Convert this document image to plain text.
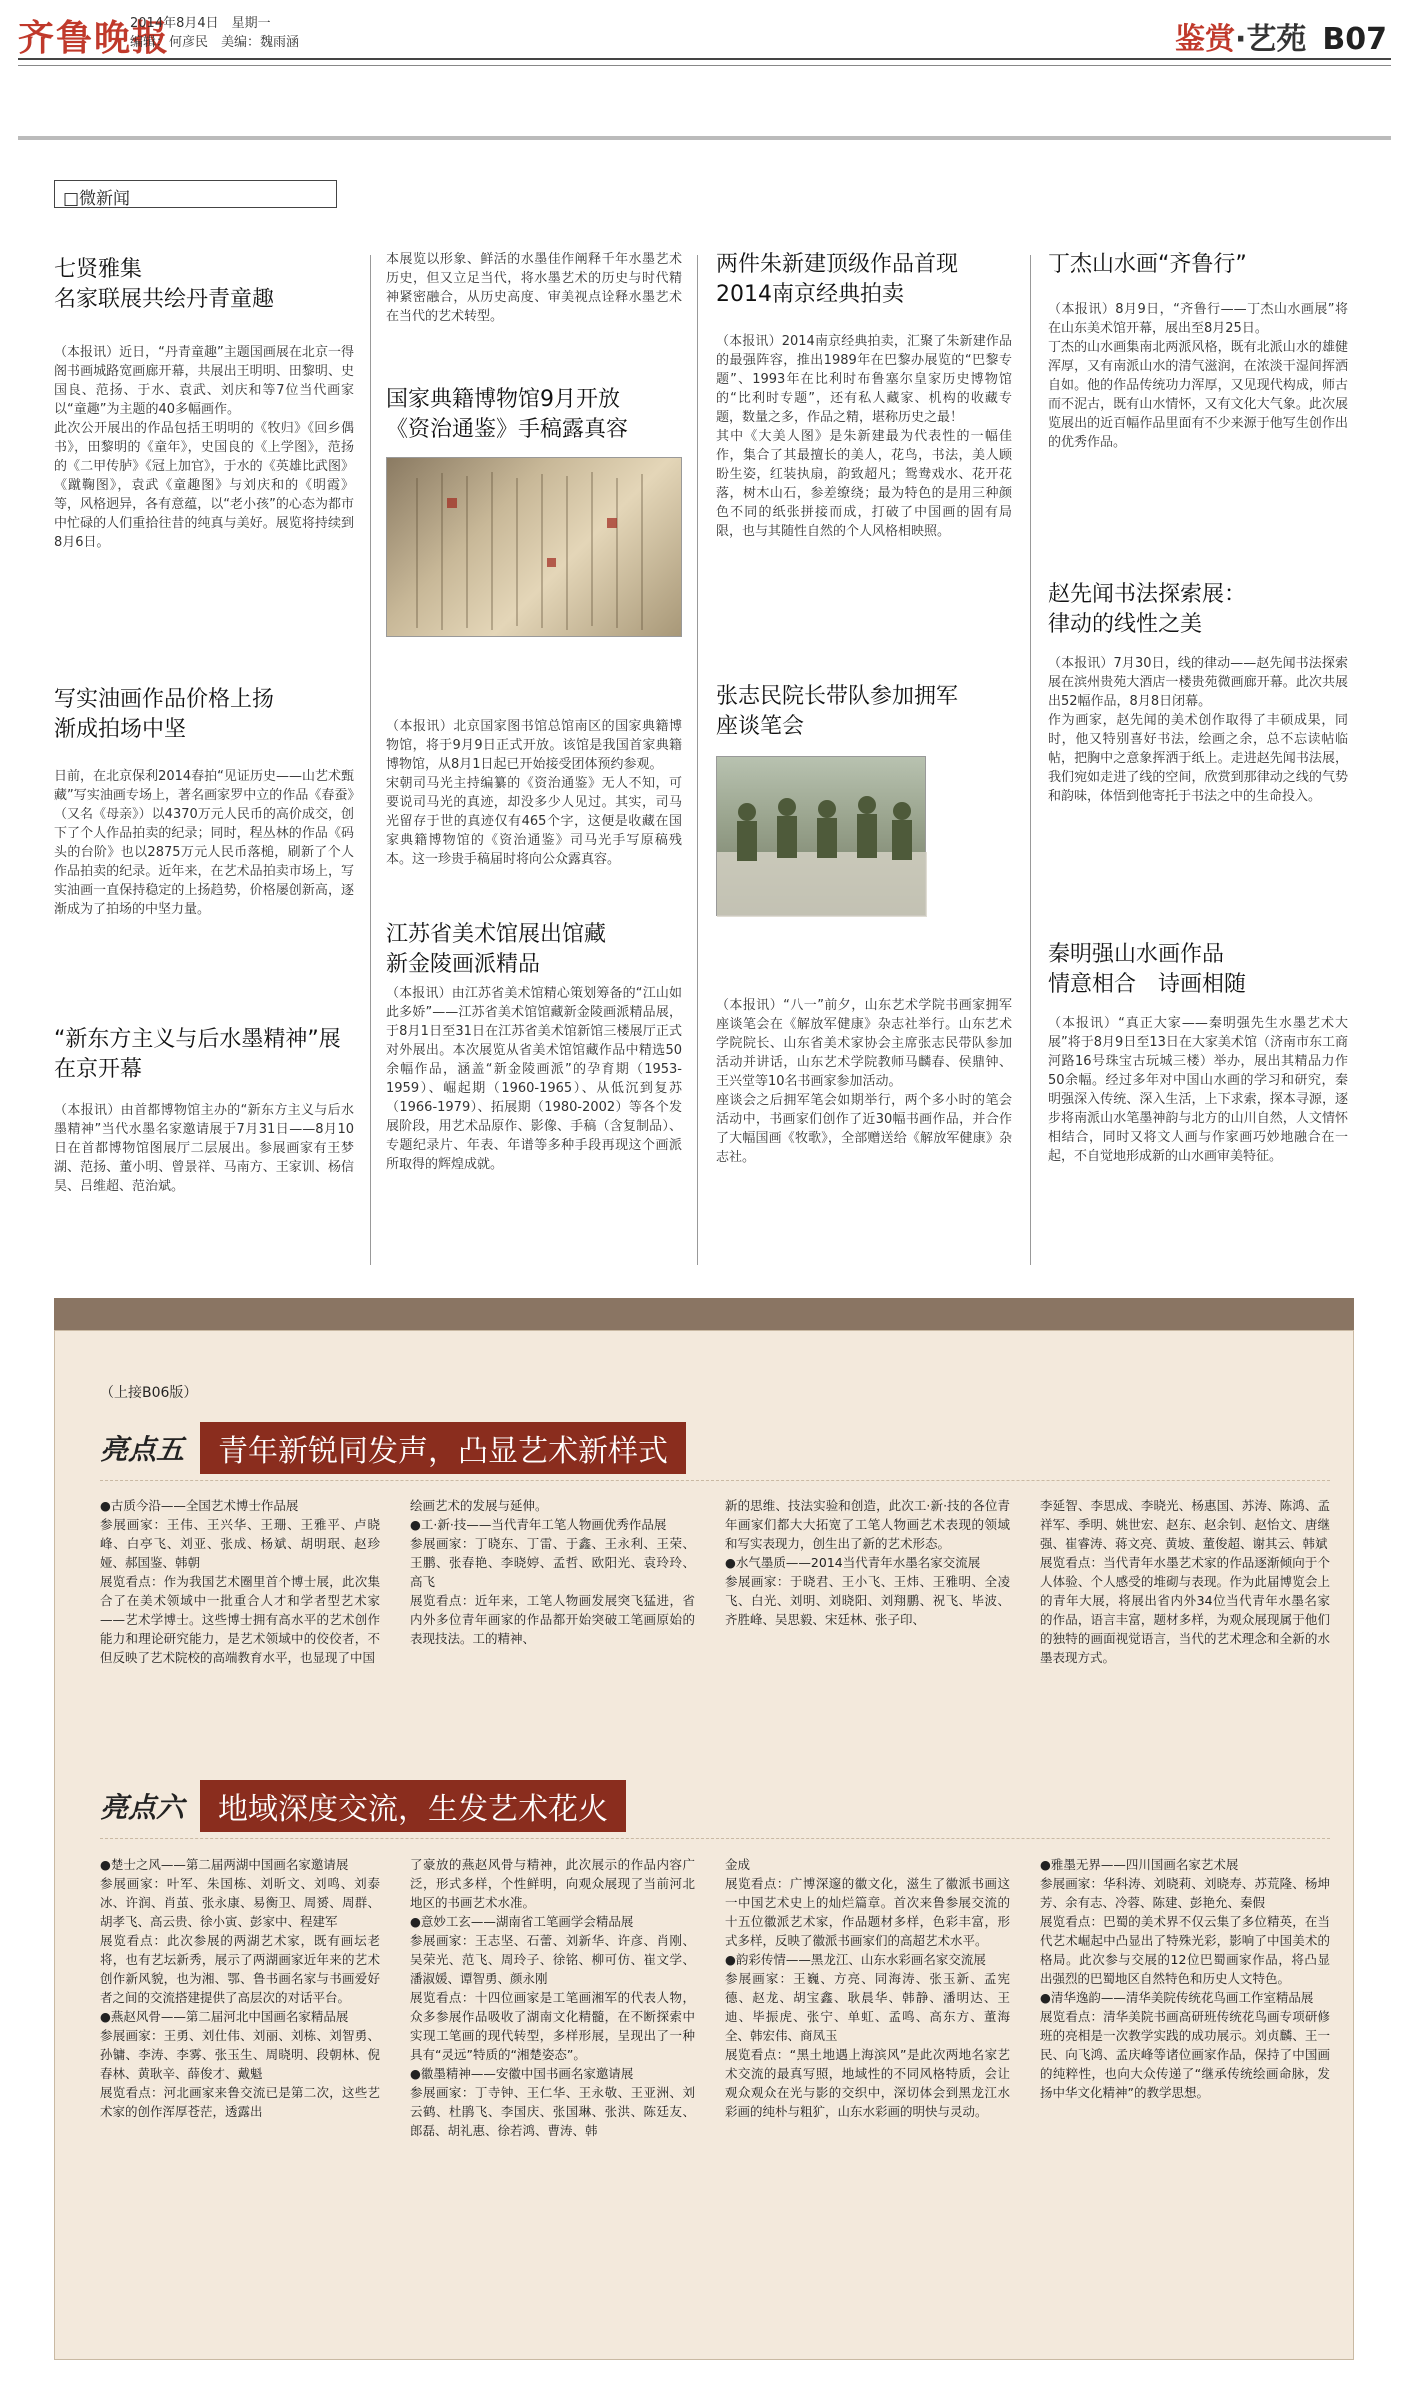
齐鲁晚报
2014年8月4日　星期一
编辑：何彦民　美编：魏雨涵	鉴赏·艺苑 B07
□微新闻
七贤雅集
名家联展共绘丹青童趣

（本报讯）近日，“丹青童趣”主题国画展在北京一得阁书画城路宽画廊开幕，共展出王明明、田黎明、史国良、范扬、于水、袁武、刘庆和等7位当代画家以“童趣”为主题的40多幅画作。
此次公开展出的作品包括王明明的《牧归》《回乡偶书》，田黎明的《童年》，史国良的《上学图》，范扬的《二甲传胪》《冠上加官》，于水的《英雄比武图》《蹴鞠图》，袁武《童趣图》与刘庆和的《明霞》等，风格迥异，各有意蕴，以“老小孩”的心态为都市中忙碌的人们重拾往昔的纯真与美好。展览将持续到8月6日。

写实油画作品价格上扬
渐成拍场中坚

日前，在北京保利2014春拍“见证历史——山艺术甄藏”写实油画专场上，著名画家罗中立的作品《春蚕》（又名《母亲》）以4370万元人民币的高价成交，创下了个人作品拍卖的纪录；同时，程丛林的作品《码头的台阶》也以2875万元人民币落槌，刷新了个人作品拍卖的纪录。近年来，在艺术品拍卖市场上，写实油画一直保持稳定的上扬趋势，价格屡创新高，逐渐成为了拍场的中坚力量。

“新东方主义与后水墨精神”展在京开幕

（本报讯）由首都博物馆主办的“新东方主义与后水墨精神”当代水墨名家邀请展于7月31日——8月10日在首都博物馆图展厅二层展出。参展画家有王梦湖、范扬、董小明、曾景祥、马南方、王家训、杨信昊、吕维超、范治斌。

本展览以形象、鲜活的水墨佳作阐释千年水墨艺术历史，但又立足当代，将水墨艺术的历史与时代精神紧密融合，从历史高度、审美视点诠释水墨艺术在当代的艺术转型。

国家典籍博物馆9月开放
《资治通鉴》手稿露真容

（本报讯）北京国家图书馆总馆南区的国家典籍博物馆，将于9月9日正式开放。该馆是我国首家典籍博物馆，从8月1日起已开始接受团体预约参观。
宋朝司马光主持编纂的《资治通鉴》无人不知，可要说司马光的真迹，却没多少人见过。其实，司马光留存于世的真迹仅有465个字，这便是收藏在国家典籍博物馆的《资治通鉴》司马光手写原稿残本。这一珍贵手稿届时将向公众露真容。

江苏省美术馆展出馆藏
新金陵画派精品

（本报讯）由江苏省美术馆精心策划筹备的“江山如此多娇”——江苏省美术馆馆藏新金陵画派精品展，于8月1日至31日在江苏省美术馆新馆三楼展厅正式对外展出。本次展览从省美术馆馆藏作品中精选50余幅作品，涵盖“新金陵画派”的孕育期（1953-1959）、崛起期（1960-1965）、从低沉到复苏（1966-1979）、拓展期（1980-2002）等各个发展阶段，用艺术品原作、影像、手稿（含复制品）、专题纪录片、年表、年谱等多种手段再现这个画派所取得的辉煌成就。

两件朱新建顶级作品首现
2014南京经典拍卖

（本报讯）2014南京经典拍卖，汇聚了朱新建作品的最强阵容，推出1989年在巴黎办展览的“巴黎专题”、1993年在比利时布鲁塞尔皇家历史博物馆的“比利时专题”，还有私人藏家、机构的收藏专题，数量之多，作品之精，堪称历史之最！
其中《大美人图》是朱新建最为代表性的一幅佳作，集合了其最擅长的美人，花鸟，书法，美人顾盼生姿，红装执扇，韵致超凡；鸳鸯戏水、花开花落，树木山石，参差缭绕；最为特色的是用三种颜色不同的纸张拼接而成，打破了中国画的固有局限，也与其随性自然的个人风格相映照。

张志民院长带队参加拥军
座谈笔会

（本报讯）“八一”前夕，山东艺术学院书画家拥军座谈笔会在《解放军健康》杂志社举行。山东艺术学院院长、山东省美术家协会主席张志民带队参加活动并讲话，山东艺术学院教师马麟春、侯鼎钟、王兴堂等10名书画家参加活动。
座谈会之后拥军笔会如期举行，两个多小时的笔会活动中，书画家们创作了近30幅书画作品，并合作了大幅国画《牧歌》，全部赠送给《解放军健康》杂志社。

丁杰山水画“齐鲁行”

（本报讯）8月9日，“齐鲁行——丁杰山水画展”将在山东美术馆开幕，展出至8月25日。
丁杰的山水画集南北两派风格，既有北派山水的雄健浑厚，又有南派山水的清气滋润，在浓淡干湿间挥洒自如。他的作品传统功力浑厚，又见现代构成，师古而不泥古，既有山水情怀，又有文化大气象。此次展览展出的近百幅作品里面有不少来源于他写生创作出的优秀作品。

赵先闻书法探索展：
律动的线性之美

（本报讯）7月30日，线的律动——赵先闻书法探索展在滨州贵苑大酒店一楼贵苑微画廊开幕。此次共展出52幅作品，8月8日闭幕。
作为画家，赵先闻的美术创作取得了丰硕成果，同时，他又特别喜好书法，绘画之余，总不忘读帖临帖，把胸中之意象挥洒于纸上。走进赵先闻书法展，我们宛如走进了线的空间，欣赏到那律动之线的气势和韵味，体悟到他寄托于书法之中的生命投入。

秦明强山水画作品
情意相合　诗画相随

（本报讯）“真正大家——秦明强先生水墨艺术大展”将于8月9日至13日在大家美术馆（济南市东工商河路16号珠宝古玩城三楼）举办，展出其精品力作50余幅。经过多年对中国山水画的学习和研究，秦明强深入传统、深入生活，上下求索，探本寻源，逐步将南派山水笔墨神韵与北方的山川自然，人文情怀相结合，同时又将文人画与作家画巧妙地融合在一起，不自觉地形成新的山水画审美特征。

（上接B06版）
亮点五	青年新锐同发声，凸显艺术新样式
●古质今沿——全国艺术博士作品展
参展画家：王伟、王兴华、王珊、王雅平、卢晓峰、白亭飞、刘亚、张成、杨斌、胡明珉、赵珍娅、郝国鉴、韩朝
展览看点：作为我国艺术圈里首个博士展，此次集合了在美术领域中一批重合人才和学者型艺术家——艺术学博士。这些博士拥有高水平的艺术创作能力和理论研究能力，是艺术领域中的佼佼者，不但反映了艺术院校的高端教育水平，也显现了中国
绘画艺术的发展与延伸。
●工·新·技——当代青年工笔人物画优秀作品展
参展画家：丁晓东、丁雷、于鑫、王永利、王荣、王鹏、张春艳、李晓婷、孟哲、欧阳光、袁玲玲、高飞
展览看点：近年来，工笔人物画发展突飞猛进，省内外多位青年画家的作品都开始突破工笔画原始的表现技法。工的精神、
新的思维、技法实验和创造，此次工·新·技的各位青年画家们都大大拓宽了工笔人物画艺术表现的领域和写实表现力，创生出了新的艺术形态。
●水气墨质——2014当代青年水墨名家交流展
参展画家：于晓君、王小飞、王炜、王雅明、全凌飞、白光、刘明、刘晓阳、刘翔鹏、祝飞、毕波、齐胜峰、吴思毅、宋廷林、张子印、
李延智、李思成、李晓光、杨惠国、苏涛、陈鸿、孟祥军、季明、姚世宏、赵东、赵余钊、赵怡文、唐继强、崔睿涛、蒋文亮、黄坡、董俊超、谢其云、韩斌
展览看点：当代青年水墨艺术家的作品逐渐倾向于个人体验、个人感受的堆砌与表现。作为此届博览会上的青年大展，将展出省内外34位当代青年水墨名家的作品，语言丰富，题材多样，为观众展现属于他们的独特的画面视觉语言，当代的艺术理念和全新的水墨表现方式。
亮点六	地域深度交流，生发艺术花火
●楚士之风——第二届两湖中国画名家邀请展
参展画家：叶军、朱国栋、刘昕文、刘鸣、刘泰冰、许润、肖茧、张永康、易衡卫、周赟、周群、胡孝飞、高云贵、徐小寅、彭家中、程建军
展览看点：此次参展的两湖艺术家，既有画坛老将，也有艺坛新秀，展示了两湖画家近年来的艺术创作新风貌，也为湘、鄂、鲁书画名家与书画爱好者之间的交流搭建提供了高层次的对话平台。
●燕赵风骨——第二届河北中国画名家精品展
参展画家：王勇、刘仕伟、刘丽、刘栋、刘智勇、孙镛、李涛、李雾、张玉生、周晓明、段朝林、倪春林、黄耿辛、薛俊才、戴魁
展览看点：河北画家来鲁交流已是第二次，这些艺术家的创作浑厚苍茫，透露出
了豪放的燕赵风骨与精神，此次展示的作品内容广泛，形式多样，个性鲜明，向观众展现了当前河北地区的书画艺术水准。
●意妙工玄——湖南省工笔画学会精品展
参展画家：王志坚、石蕾、刘新华、许彦、肖刚、吴荣光、范飞、周玲子、徐铭、柳可仿、崔文学、潘淑媛、谭智勇、颜永刚
展览看点：十四位画家是工笔画湘军的代表人物，众多参展作品吸收了湖南文化精髓，在不断探索中实现工笔画的现代转型，多样形展，呈现出了一种具有“灵远”特质的“湘楚姿态”。
●徽墨精神——安徽中国书画名家邀请展
参展画家：丁寺钟、王仁华、王永敬、王亚洲、刘云鹤、杜鹃飞、李国庆、张国琳、张洪、陈廷友、郎磊、胡礼惠、徐若鸿、曹涛、韩
金成
展览看点：广博深邃的徽文化，滋生了徽派书画这一中国艺术史上的灿烂篇章。首次来鲁参展交流的十五位徽派艺术家，作品题材多样，色彩丰富，形式多样，反映了徽派书画家们的高超艺术水平。
●韵彩传情——黑龙江、山东水彩画名家交流展
参展画家：王巍、方亮、同海涛、张玉新、孟宪德、赵龙、胡宝鑫、耿晨华、韩静、潘明达、王迪、毕振虎、张宁、单虹、孟鸣、高东方、董海全、韩宏伟、商凤玉
展览看点：“黑土地遇上海滨风”是此次两地名家艺术交流的最真写照，地域性的不同风格特质，会让观众观众在光与影的交织中，深切体会到黑龙江水彩画的纯朴与粗犷，山东水彩画的明快与灵动。
●雅墨无界——四川国画名家艺术展
参展画家：华科涛、刘晓莉、刘晓寿、苏荒隆、杨坤芳、余有志、冷蓉、陈建、彭艳允、秦假
展览看点：巴蜀的美术界不仅云集了多位精英，在当代艺术崛起中凸显出了特殊光彩，影响了中国美术的格局。此次参与交展的12位巴蜀画家作品，将凸显出强烈的巴蜀地区自然特色和历史人文特色。
●清华逸韵——清华美院传统花鸟画工作室精品展
展览看点：清华美院书画高研班传统花鸟画专项研修班的亮相是一次教学实践的成功展示。刘贞麟、王一民、向飞鸿、孟庆峰等诸位画家作品，保持了中国画的纯粹性，也向大众传递了“继承传统绘画命脉，发扬中华文化精神”的教学思想。
